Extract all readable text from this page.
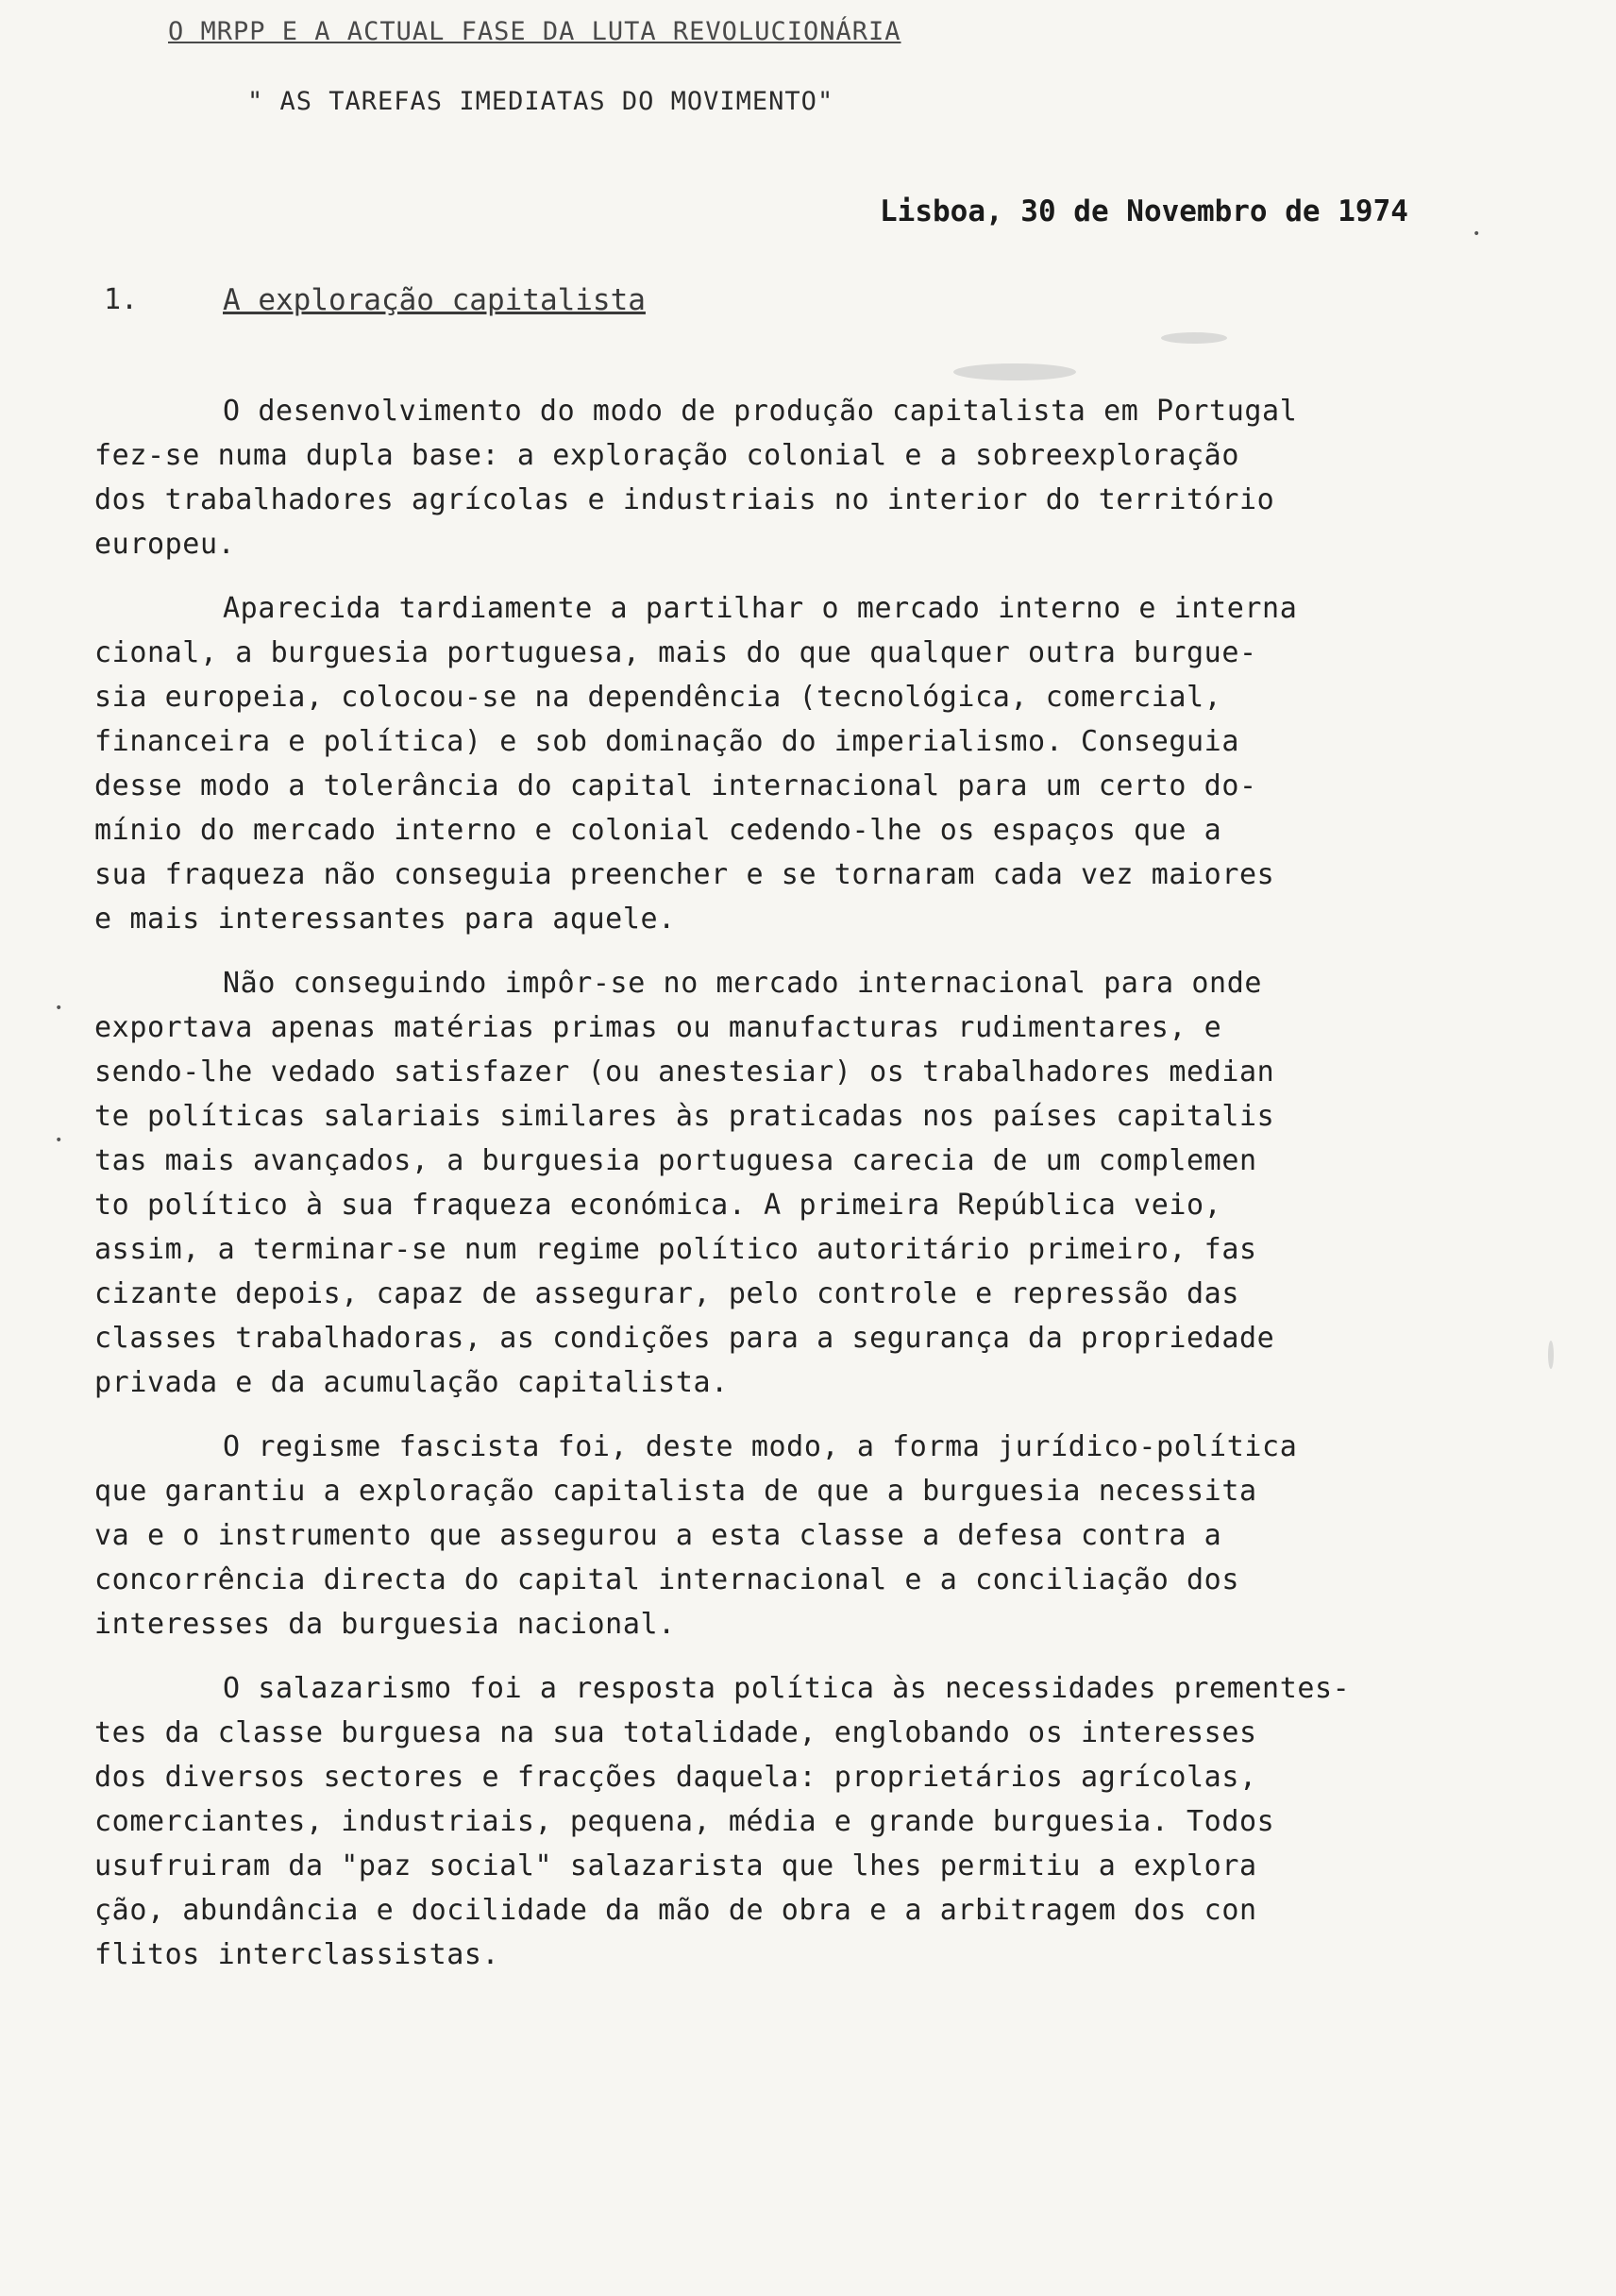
O MRPP E A ACTUAL FASE DA LUTA REVOLUCIONÁRIA
" AS TAREFAS IMEDIATAS DO MOVIMENTO"
Lisboa, 30 de Novembro de 1974
1.	A exploração capitalista
O desenvolvimento do modo de produção capitalista em Portugal
fez-se numa dupla base: a exploração colonial e a sobreexploração
dos trabalhadores agrícolas e industriais no interior do território
europeu.
Aparecida tardiamente a partilhar o mercado interno e interna
cional, a burguesia portuguesa, mais do que qualquer outra burgue-
sia europeia, colocou-se na dependência (tecnológica, comercial,
financeira e política) e sob dominação do imperialismo. Conseguia
desse modo a tolerância do capital internacional para um certo do-
mínio do mercado interno e colonial cedendo-lhe os espaços que a
sua fraqueza não conseguia preencher e se tornaram cada vez maiores
e mais interessantes para aquele.
Não conseguindo impôr-se no mercado internacional para onde
exportava apenas matérias primas ou manufacturas rudimentares, e
sendo-lhe vedado satisfazer (ou anestesiar) os trabalhadores median
te políticas salariais similares às praticadas nos países capitalis
tas mais avançados, a burguesia portuguesa carecia de um complemen
to político à sua fraqueza económica. A primeira República veio,
assim, a terminar-se num regime político autoritário primeiro, fas
cizante depois, capaz de assegurar, pelo controle e repressão das
classes trabalhadoras, as condições para a segurança da propriedade
privada e da acumulação capitalista.
O regisme fascista foi, deste modo, a forma jurídico-política
que garantiu a exploração capitalista de que a burguesia necessita
va e o instrumento que assegurou a esta classe a defesa contra a
concorrência directa do capital internacional e a conciliação dos
interesses da burguesia nacional.
O salazarismo foi a resposta política às necessidades prementes-
tes da classe burguesa na sua totalidade, englobando os interesses
dos diversos sectores e fracções daquela: proprietários agrícolas,
comerciantes, industriais, pequena, média e grande burguesia. Todos
usufruiram da "paz social" salazarista que lhes permitiu a explora
ção, abundância e docilidade da mão de obra e a arbitragem dos con
flitos interclassistas.
•
•
•
